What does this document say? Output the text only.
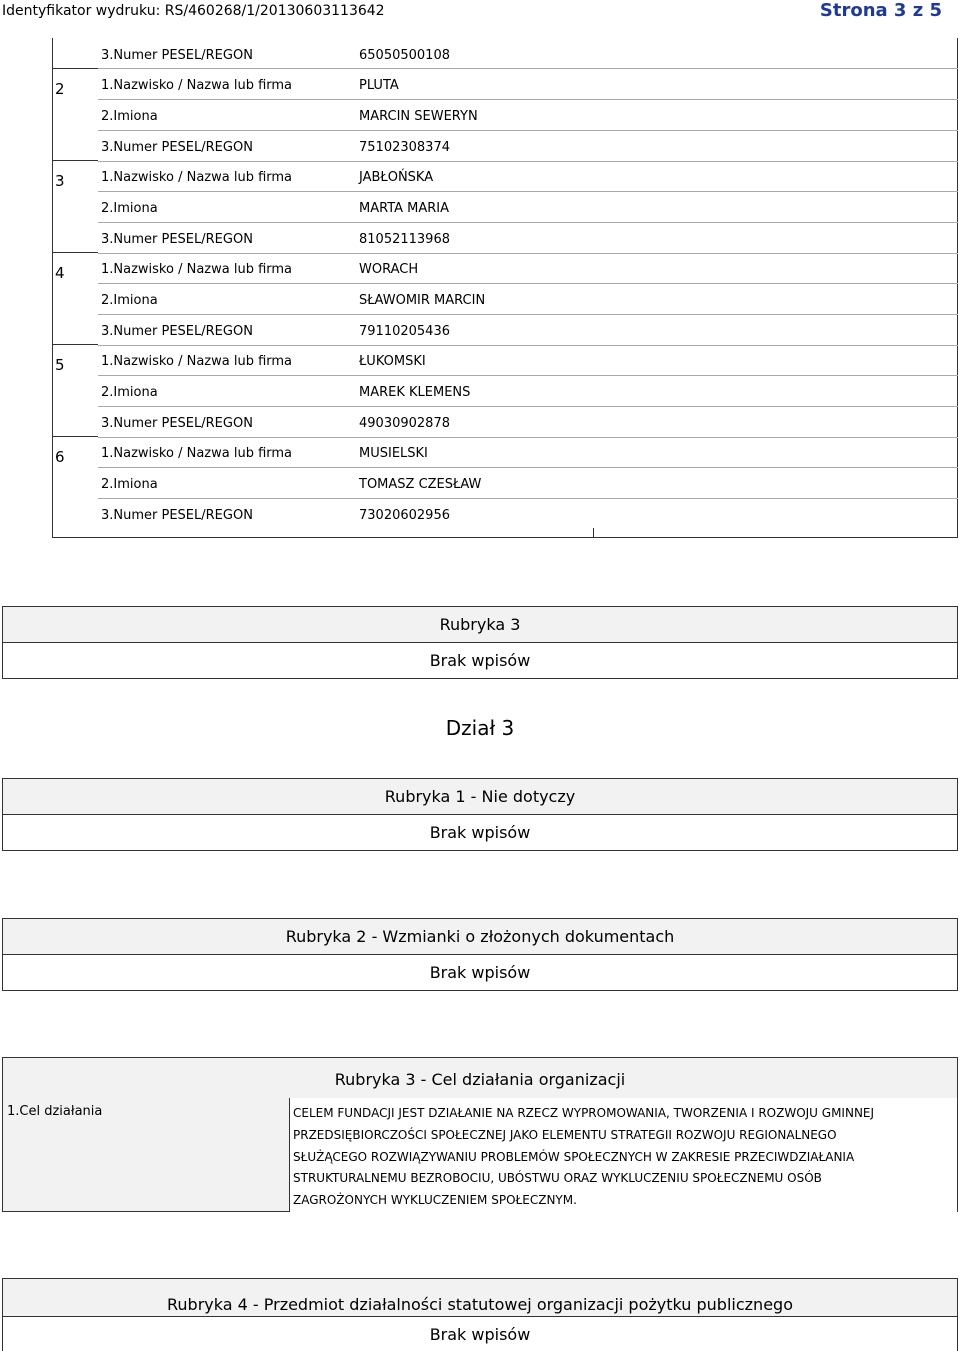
Identyfikator wydruku: RS/460268/1/20130603113642	Strona 3 z 5
3.Numer PESEL/REGON	65050500108
2	1.Nazwisko / Nazwa lub firma	PLUTA
2.Imiona	MARCIN SEWERYN
3.Numer PESEL/REGON	75102308374
3	1.Nazwisko / Nazwa lub firma	JABŁOŃSKA
2.Imiona	MARTA MARIA
3.Numer PESEL/REGON	81052113968
4	1.Nazwisko / Nazwa lub firma	WORACH
2.Imiona	SŁAWOMIR MARCIN
3.Numer PESEL/REGON	79110205436
5	1.Nazwisko / Nazwa lub firma	ŁUKOMSKI
2.Imiona	MAREK KLEMENS
3.Numer PESEL/REGON	49030902878
6	1.Nazwisko / Nazwa lub firma	MUSIELSKI
2.Imiona	TOMASZ CZESŁAW
3.Numer PESEL/REGON	73020602956
Rubryka 3
Brak wpisów
Dział 3
Rubryka 1 - Nie dotyczy
Brak wpisów
Rubryka 2 - Wzmianki o złożonych dokumentach
Brak wpisów
Rubryka 3 - Cel działania organizacji
1.Cel działania	CELEM FUNDACJI JEST DZIAŁANIE NA RZECZ WYPROMOWANIA, TWORZENIA I ROZWOJU GMINNEJ
PRZEDSIĘBIORCZOŚCI SPOŁECZNEJ JAKO ELEMENTU STRATEGII ROZWOJU REGIONALNEGO
SŁUŻĄCEGO ROZWIĄZYWANIU PROBLEMÓW SPOŁECZNYCH W ZAKRESIE PRZECIWDZIAŁANIA
STRUKTURALNEMU BEZROBOCIU, UBÓSTWU ORAZ WYKLUCZENIU SPOŁECZNEMU OSÓB
ZAGROŻONYCH WYKLUCZENIEM SPOŁECZNYM.
Rubryka 4 - Przedmiot działalności statutowej organizacji pożytku publicznego
Brak wpisów
